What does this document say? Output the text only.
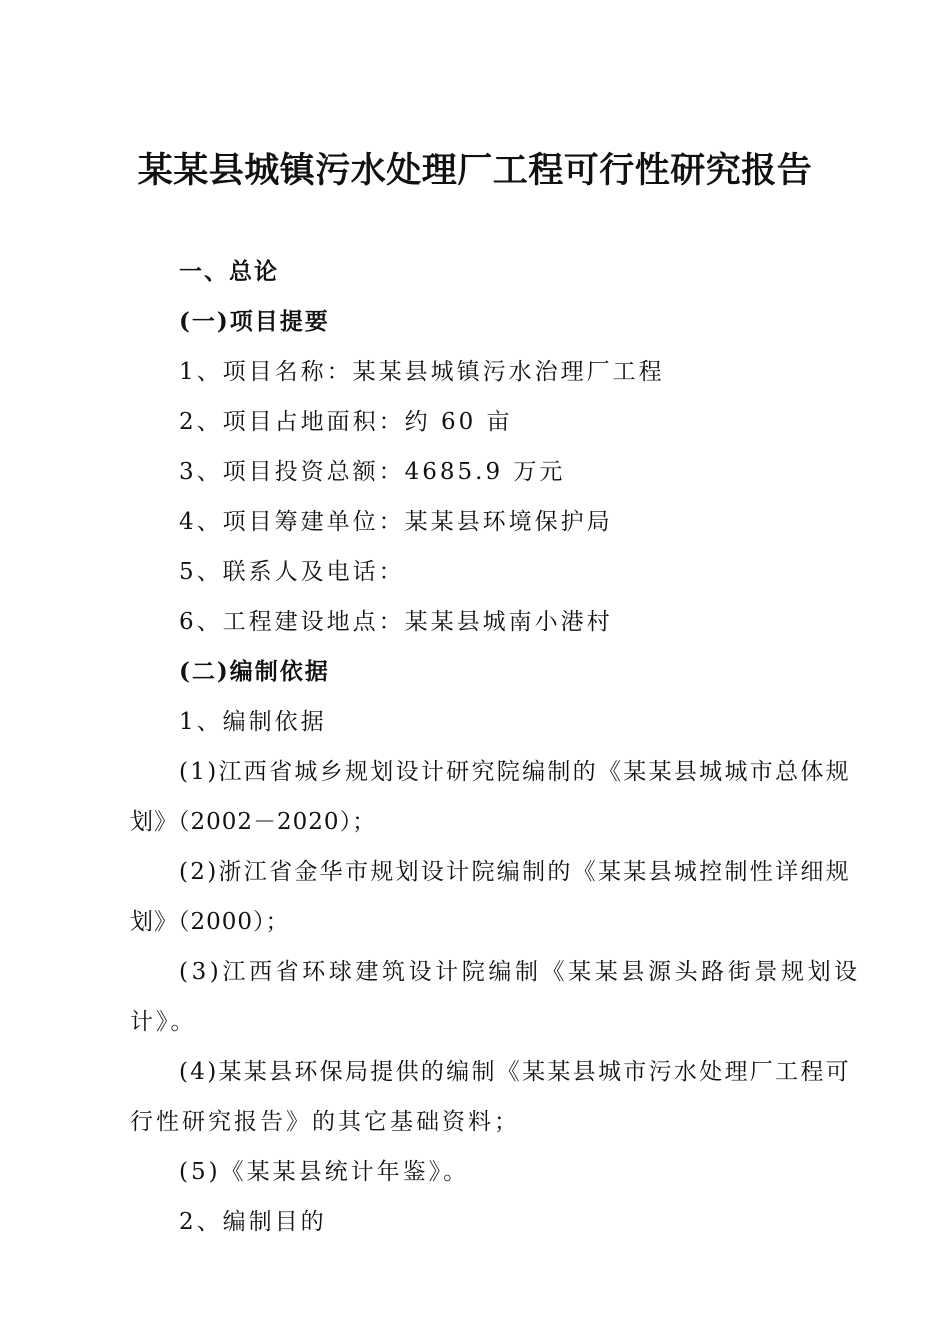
某某县城镇污水处理厂工程可行性研究报告
一、总论
(一)项目提要
1、项目名称：某某县城镇污水治理厂工程
2、项目占地面积：约 60 亩
3、项目投资总额：4685.9 万元
4、项目筹建单位：某某县环境保护局
5、联系人及电话：
6、工程建设地点：某某县城南小港村
(二)编制依据
1、编制依据
(1)江西省城乡规划设计研究院编制的《某某县城城市总体规
划》（2002－2020）；
(2)浙江省金华市规划设计院编制的《某某县城控制性详细规
划》（2000）；
(3)江西省环球建筑设计院编制《某某县源头路街景规划设
计》。
(4)某某县环保局提供的编制《某某县城市污水处理厂工程可
行性研究报告》的其它基础资料；
(5)《某某县统计年鉴》。
2、编制目的
